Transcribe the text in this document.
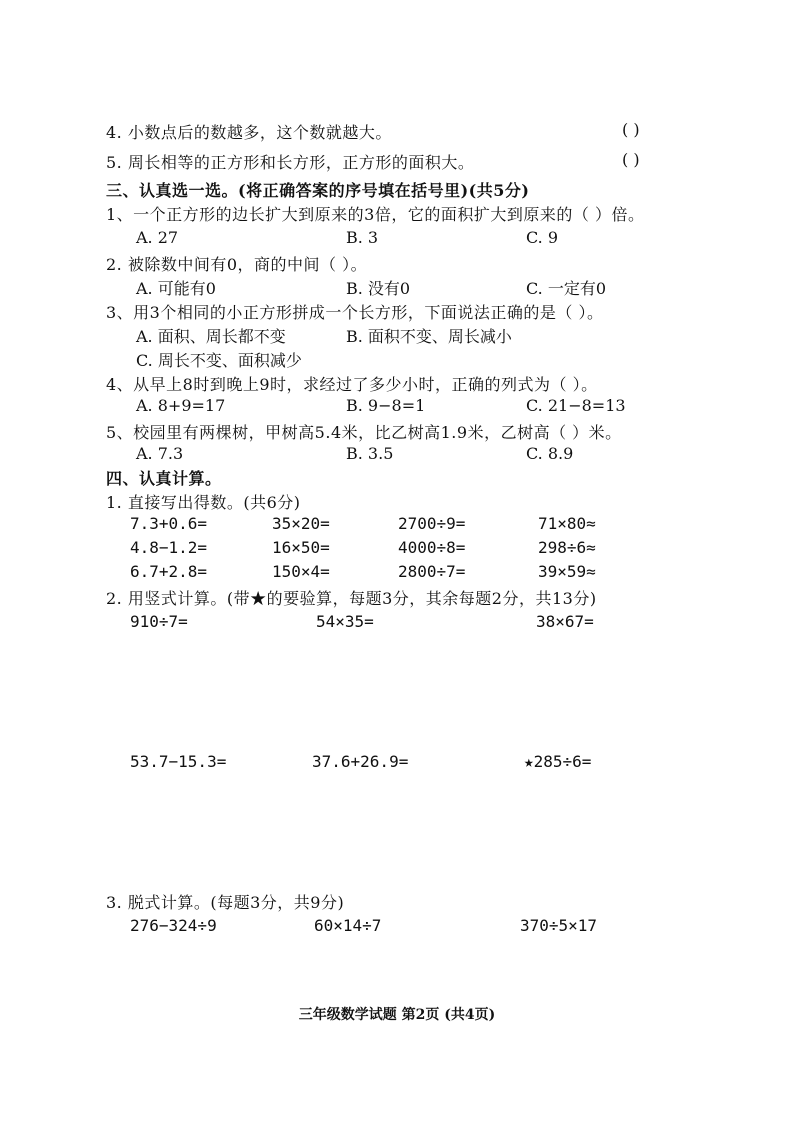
4. 小数点后的数越多，这个数就越大。	( )
5. 周长相等的正方形和长方形，正方形的面积大。	( )
三、认真选一选。(将正确答案的序号填在括号里)(共5分)
1、一个正方形的边长扩大到原来的3倍，它的面积扩大到原来的（ ）倍。
A. 27	B. 3	C. 9
2. 被除数中间有0，商的中间（ ）。
A. 可能有0	B. 没有0	C. 一定有0
3、用3个相同的小正方形拼成一个长方形，下面说法正确的是（ ）。
A. 面积、周长都不变	B. 面积不变、周长减小
C. 周长不变、面积减少
4、从早上8时到晚上9时，求经过了多少小时，正确的列式为（ ）。
A. 8+9=17	B. 9−8=1	C. 21−8=13
5、校园里有两棵树，甲树高5.4米，比乙树高1.9米，乙树高（ ）米。
A. 7.3	B. 3.5	C. 8.9
四、认真计算。
1. 直接写出得数。(共6分)
7.3+0.6=	35×20=	2700÷9=	71×80≈
4.8−1.2=	16×50=	4000÷8=	298÷6≈
6.7+2.8=	150×4=	2800÷7=	39×59≈
2. 用竖式计算。(带★的要验算，每题3分，其余每题2分，共13分)
910÷7=	54×35=	38×67=
53.7−15.3=	37.6+26.9=	★285÷6=
3. 脱式计算。(每题3分，共9分)
276−324÷9	60×14÷7	370÷5×17
三年级数学试题 第2页 (共4页)
